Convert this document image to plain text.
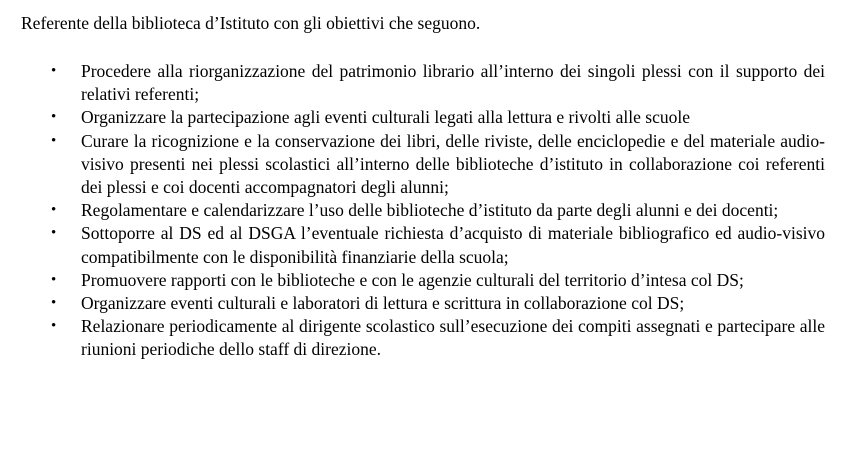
Referente della biblioteca d’Istituto con gli obiettivi che seguono.
• Procedere alla riorganizzazione del patrimonio librario all’interno dei singoli plessi con il supporto dei relativi referenti;
• Organizzare la partecipazione agli eventi culturali legati alla lettura e rivolti alle scuole
• Curare la ricognizione e la conservazione dei libri, delle riviste, delle enciclopedie e del materiale audio-visivo presenti nei plessi scolastici all’interno delle biblioteche d’istituto in collaborazione coi referenti dei plessi e coi docenti accompagnatori degli alunni;
• Regolamentare e calendarizzare l’uso delle biblioteche d’istituto da parte degli alunni e dei docenti;
• Sottoporre al DS ed al DSGA l’eventuale richiesta d’acquisto di materiale bibliografico ed audio-visivo compatibilmente con le disponibilità finanziarie della scuola;
• Promuovere rapporti con le biblioteche e con le agenzie culturali del territorio d’intesa col DS;
• Organizzare eventi culturali e laboratori di lettura e scrittura in collaborazione col DS;
• Relazionare periodicamente al dirigente scolastico sull’esecuzione dei compiti assegnati e partecipare alle riunioni periodiche dello staff di direzione.
